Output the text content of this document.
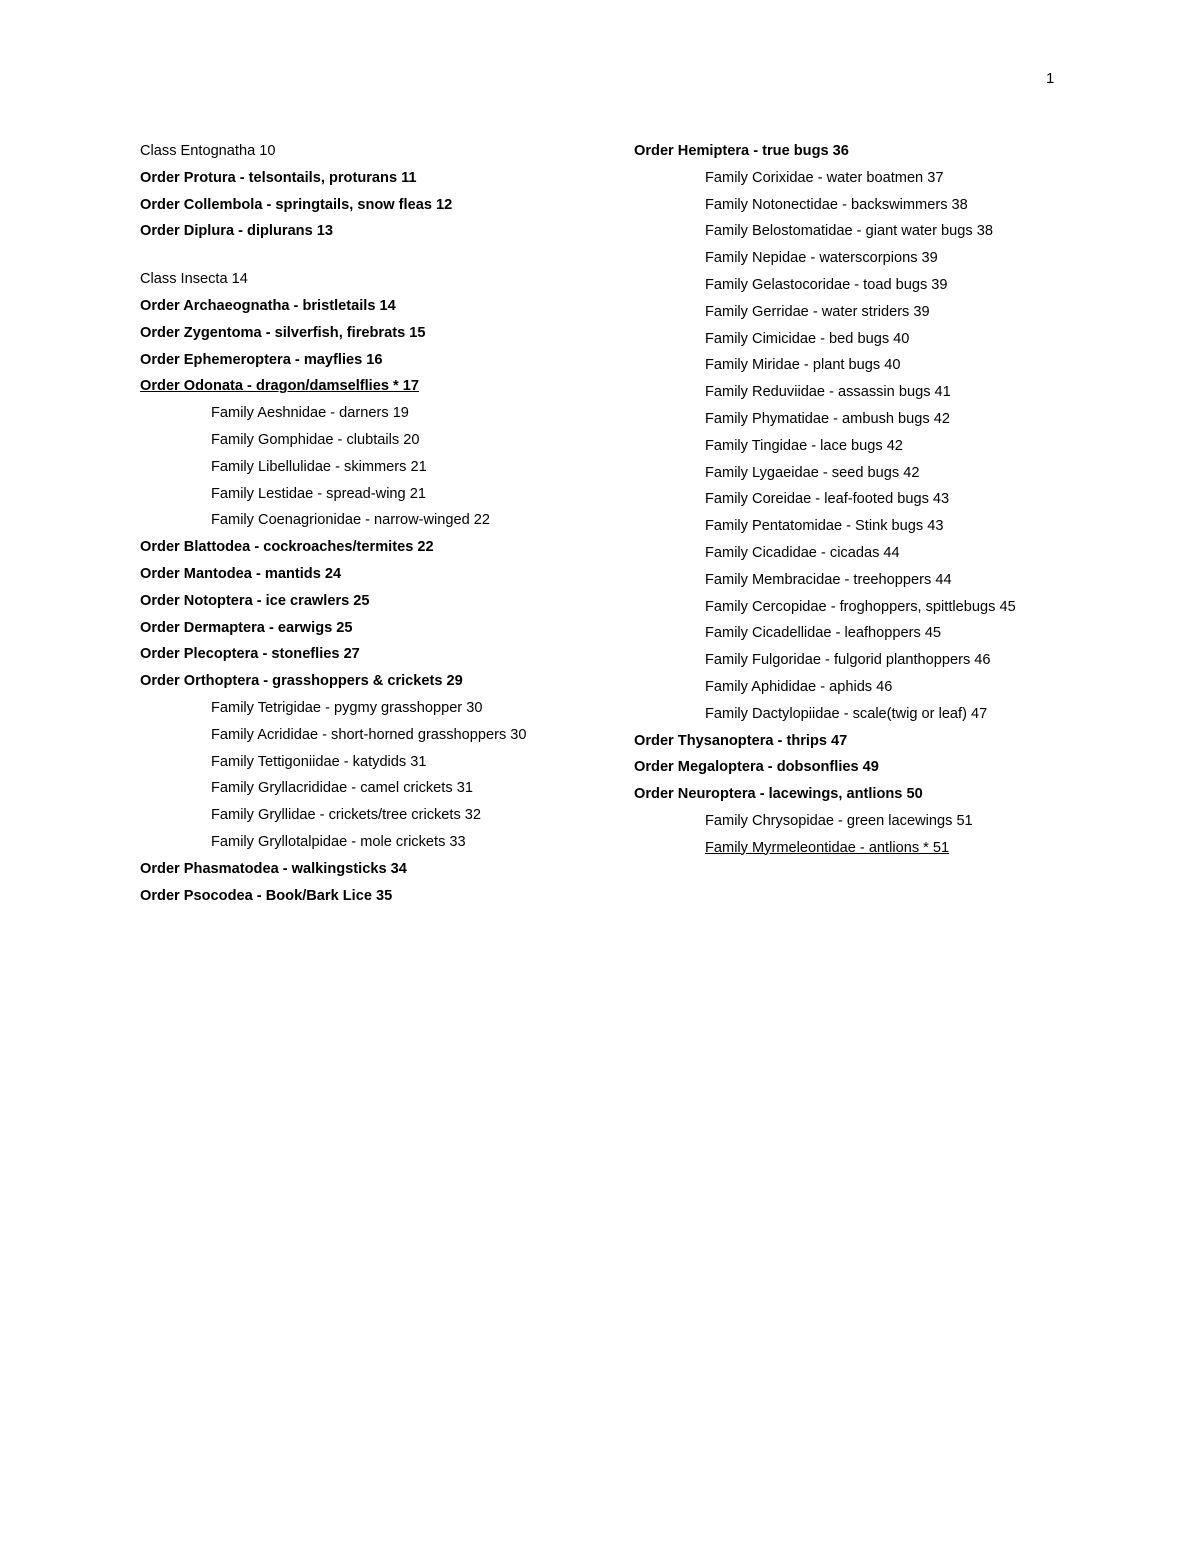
1
Class Entognatha 10
Order Protura - telsontails, proturans 11
Order Collembola - springtails, snow fleas 12
Order Diplura - diplurans 13
Class Insecta 14
Order Archaeognatha - bristletails 14
Order Zygentoma - silverfish, firebrats 15
Order Ephemeroptera - mayflies 16
Order Odonata - dragon/damselflies * 17
Family Aeshnidae - darners 19
Family Gomphidae - clubtails 20
Family Libellulidae - skimmers 21
Family Lestidae - spread-wing 21
Family Coenagrionidae - narrow-winged 22
Order Blattodea - cockroaches/termites 22
Order Mantodea - mantids 24
Order Notoptera - ice crawlers 25
Order Dermaptera - earwigs 25
Order Plecoptera - stoneflies 27
Order Orthoptera - grasshoppers & crickets 29
Family Tetrigidae - pygmy grasshopper 30
Family Acrididae - short-horned grasshoppers 30
Family Tettigoniidae - katydids 31
Family Gryllacrididae - camel crickets 31
Family Gryllidae - crickets/tree crickets 32
Family Gryllotalpidae - mole crickets 33
Order Phasmatodea - walkingsticks 34
Order Psocodea - Book/Bark Lice 35
Order Hemiptera - true bugs 36
Family Corixidae - water boatmen 37
Family Notonectidae - backswimmers 38
Family Belostomatidae - giant water bugs 38
Family Nepidae - waterscorpions 39
Family Gelastocoridae - toad bugs 39
Family Gerridae - water striders 39
Family Cimicidae - bed bugs 40
Family Miridae - plant bugs 40
Family Reduviidae - assassin bugs 41
Family Phymatidae - ambush bugs 42
Family Tingidae - lace bugs 42
Family Lygaeidae - seed bugs 42
Family Coreidae - leaf-footed bugs 43
Family Pentatomidae - Stink bugs 43
Family Cicadidae - cicadas 44
Family Membracidae - treehoppers 44
Family Cercopidae - froghoppers, spittlebugs 45
Family Cicadellidae - leafhoppers 45
Family Fulgoridae - fulgorid planthoppers 46
Family Aphididae - aphids 46
Family Dactylopiidae - scale(twig or leaf) 47
Order Thysanoptera - thrips 47
Order Megaloptera - dobsonflies 49
Order Neuroptera - lacewings, antlions 50
Family Chrysopidae - green lacewings 51
Family Myrmeleontidae - antlions * 51
